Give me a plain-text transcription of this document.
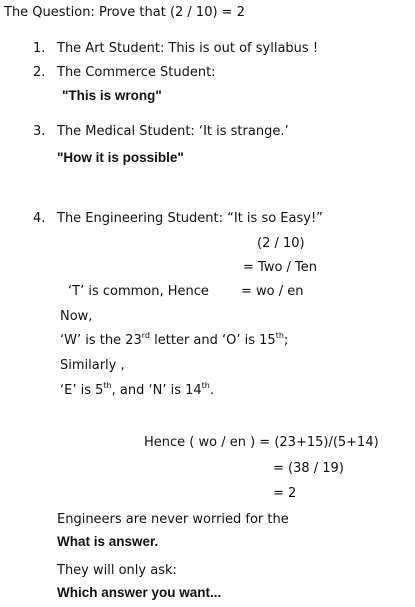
The Question: Prove that (2 / 10) = 2
1. The Art Student: This is out of syllabus !
2. The Commerce Student:
"This is wrong"
3. The Medical Student: ‘It is strange.’
"How it is possible"
4. The Engineering Student: “It is so Easy!”
(2 / 10)
= Two / Ten
‘T’ is common, Hence = wo / en
Now,
‘W’ is the 23rd letter and ‘O’ is 15th;
Similarly ,
‘E’ is 5th, and ‘N’ is 14th.
Hence ( wo / en ) = (23+15)/(5+14)
= (38 / 19)
= 2
Engineers are never worried for the
What is answer.
They will only ask:
Which answer you want...
